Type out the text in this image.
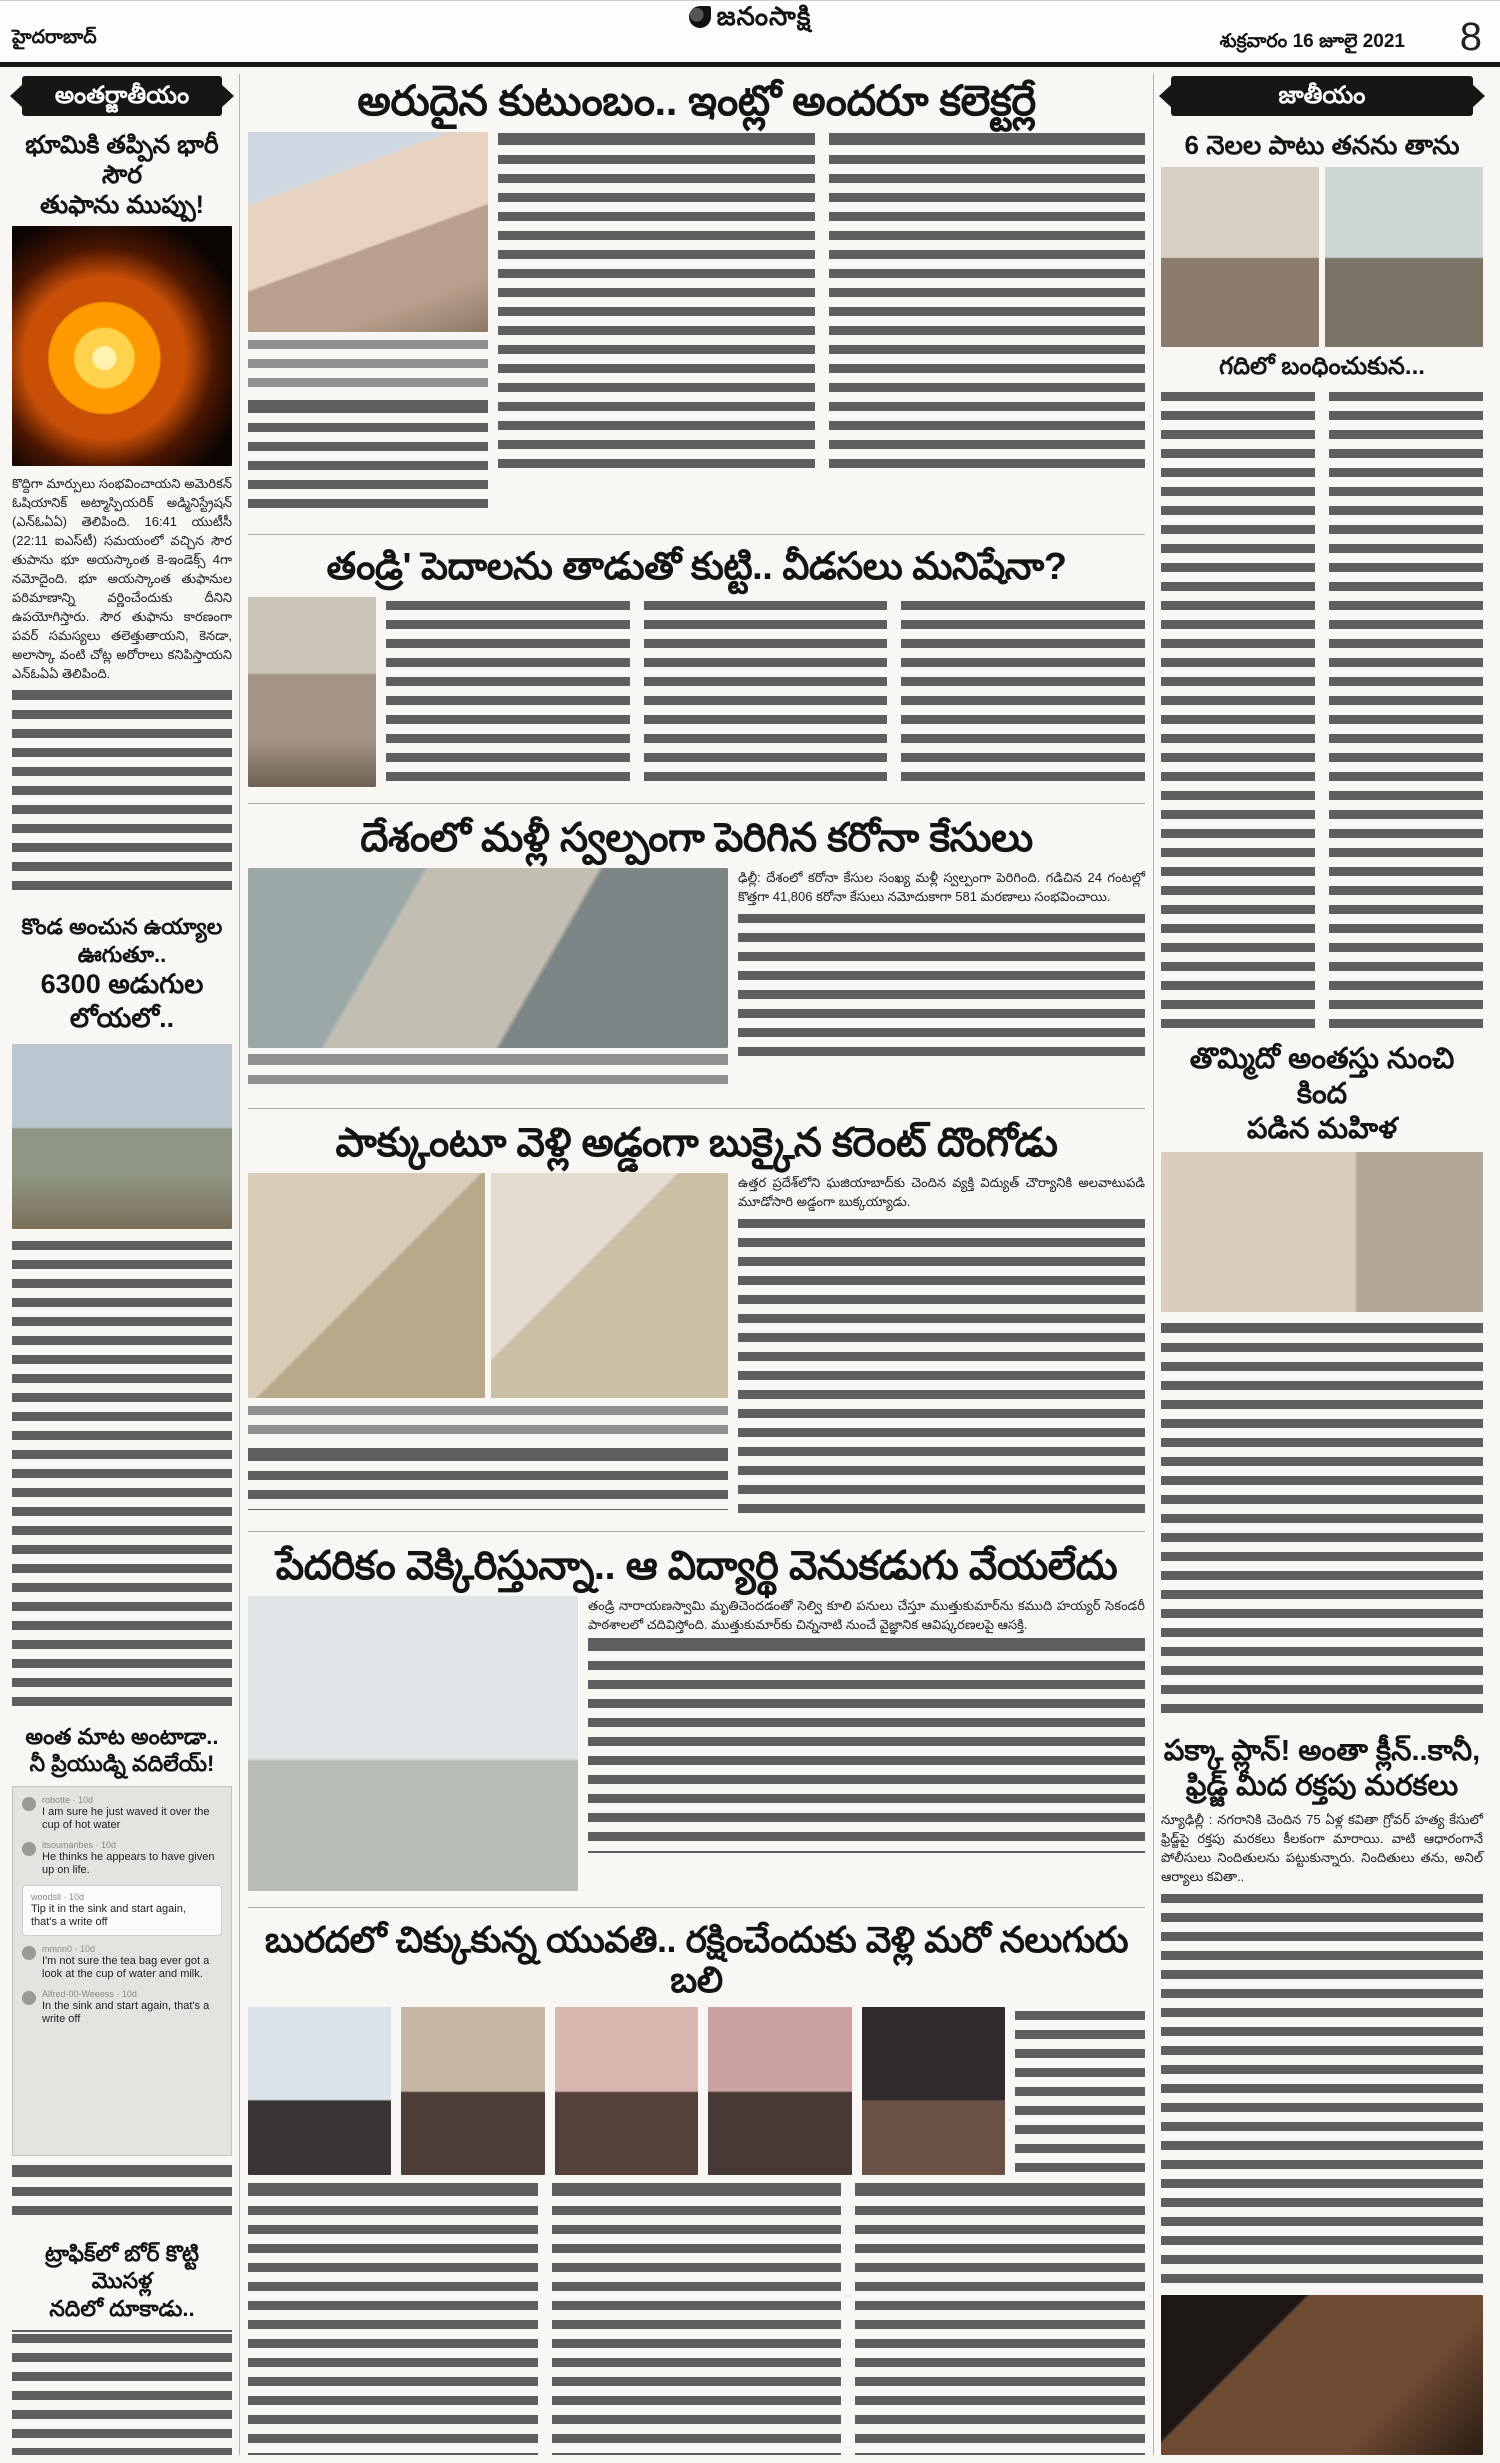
జనంసాక్షి
హైదరాబాద్	శుక్రవారం 16 జూలై 2021 8
అంతర్జాతీయం
భూమికి తప్పిన భారీ సౌర
తుఫాను ముప్పు!
కొద్దిగా మార్పులు సంభవించాయని అమెరికన్ ఓషియానిక్ అట్మాస్పియరిక్ అడ్మినిస్ట్రేషన్ (ఎన్‌ఓఏఏ) తెలిపింది. 16:41 యుటీసీ (22:11 ఐఎస్‌టీ) సమయంలో వచ్చిన సౌర తుపాను భూ అయస్కాంత కె-ఇండెక్స్ 4గా నమోదైంది. భూ అయస్కాంత తుఫానుల పరిమాణాన్ని వర్ణించేందుకు దీనిని ఉపయోగిస్తారు. సౌర తుఫాను కారణంగా పవర్ సమస్యలు తలెత్తుతాయని, కెనడా, అలాస్కా వంటి చోట్ల అరోరాలు కనిపిస్తాయని ఎన్‌ఓఏఏ తెలిపింది.
కొండ అంచున ఉయ్యాల ఊగుతూ..
6300 అడుగుల లోయలో..
అంత మాట అంటాడా..
నీ ప్రియుడ్ని వదిలేయ్!
robotte · 10d
I am sure he just waved it over the cup of hot water
itsoumanbes · 10d
He thinks he appears to have given up on life.
woodsll · 10d
Tip it in the sink and start again, that's a write off
mmnn0 · 10d
I'm not sure the tea bag ever got a look at the cup of water and milk.
Alfred-00-Weeess · 10d
In the sink and start again, that's a write off
ట్రాఫిక్‌లో బోర్ కొట్టి మొసళ్ల
నదిలో దూకాడు..
అరుదైన కుటుంబం.. ఇంట్లో అందరూ కలెక్టర్లే
తండ్రి' పెదాలను తాడుతో కుట్టి.. వీడసలు మనిషేనా?
దేశంలో మళ్లీ స్వల్పంగా పెరిగిన కరోనా కేసులు
ఢిల్లీ: దేశంలో కరోనా కేసుల సంఖ్య మళ్లీ స్వల్పంగా పెరిగింది. గడిచిన 24 గంటల్లో కొత్తగా 41,806 కరోనా కేసులు నమోదుకాగా 581 మరణాలు సంభవించాయి.
పాక్కుంటూ వెళ్లి అడ్డంగా బుక్కైన కరెంట్ దొంగోడు
ఉత్తర ప్రదేశ్‌లోని ఘజియాబాద్‌కు చెందిన వ్యక్తి విద్యుత్ చౌర్యానికి అలవాటుపడి మూడోసారి అడ్డంగా బుక్కయ్యాడు.
పేదరికం వెక్కిరిస్తున్నా.. ఆ విద్యార్థి వెనుకడుగు వేయలేదు
తండ్రి నారాయణస్వామి మృతిచెందడంతో సెల్వి కూలి పనులు చేస్తూ ముత్తుకుమార్‌ను కముది హయ్యర్ సెకండరీ పాఠశాలలో చదివిస్తోంది. ముత్తుకుమార్‌కు చిన్ననాటి నుంచే వైజ్ఞానిక ఆవిష్కరణలపై ఆసక్తి.
బురదలో చిక్కుకున్న యువతి.. రక్షించేందుకు వెళ్లి మరో నలుగురు బలి
జాతీయం
6 నెలల పాటు తనను తాను
గదిలో బంధించుకున...
తొమ్మిదో అంతస్తు నుంచి కింద
పడిన మహిళ
పక్కా ప్లాన్! అంతా క్లీన్..కానీ,
ఫ్రిడ్జ్ మీద రక్తపు మరకలు
న్యూఢిల్లీ : నగరానికి చెందిన 75 ఏళ్ల కవితా గ్రోవర్ హత్య కేసులో ఫ్రిడ్జ్‌పై రక్తపు మరకలు కీలకంగా మారాయి. వాటి ఆధారంగానే పోలీసులు నిందితులను పట్టుకున్నారు. నిందితులు తను, అనిల్ ఆర్యాలు కవితా..
